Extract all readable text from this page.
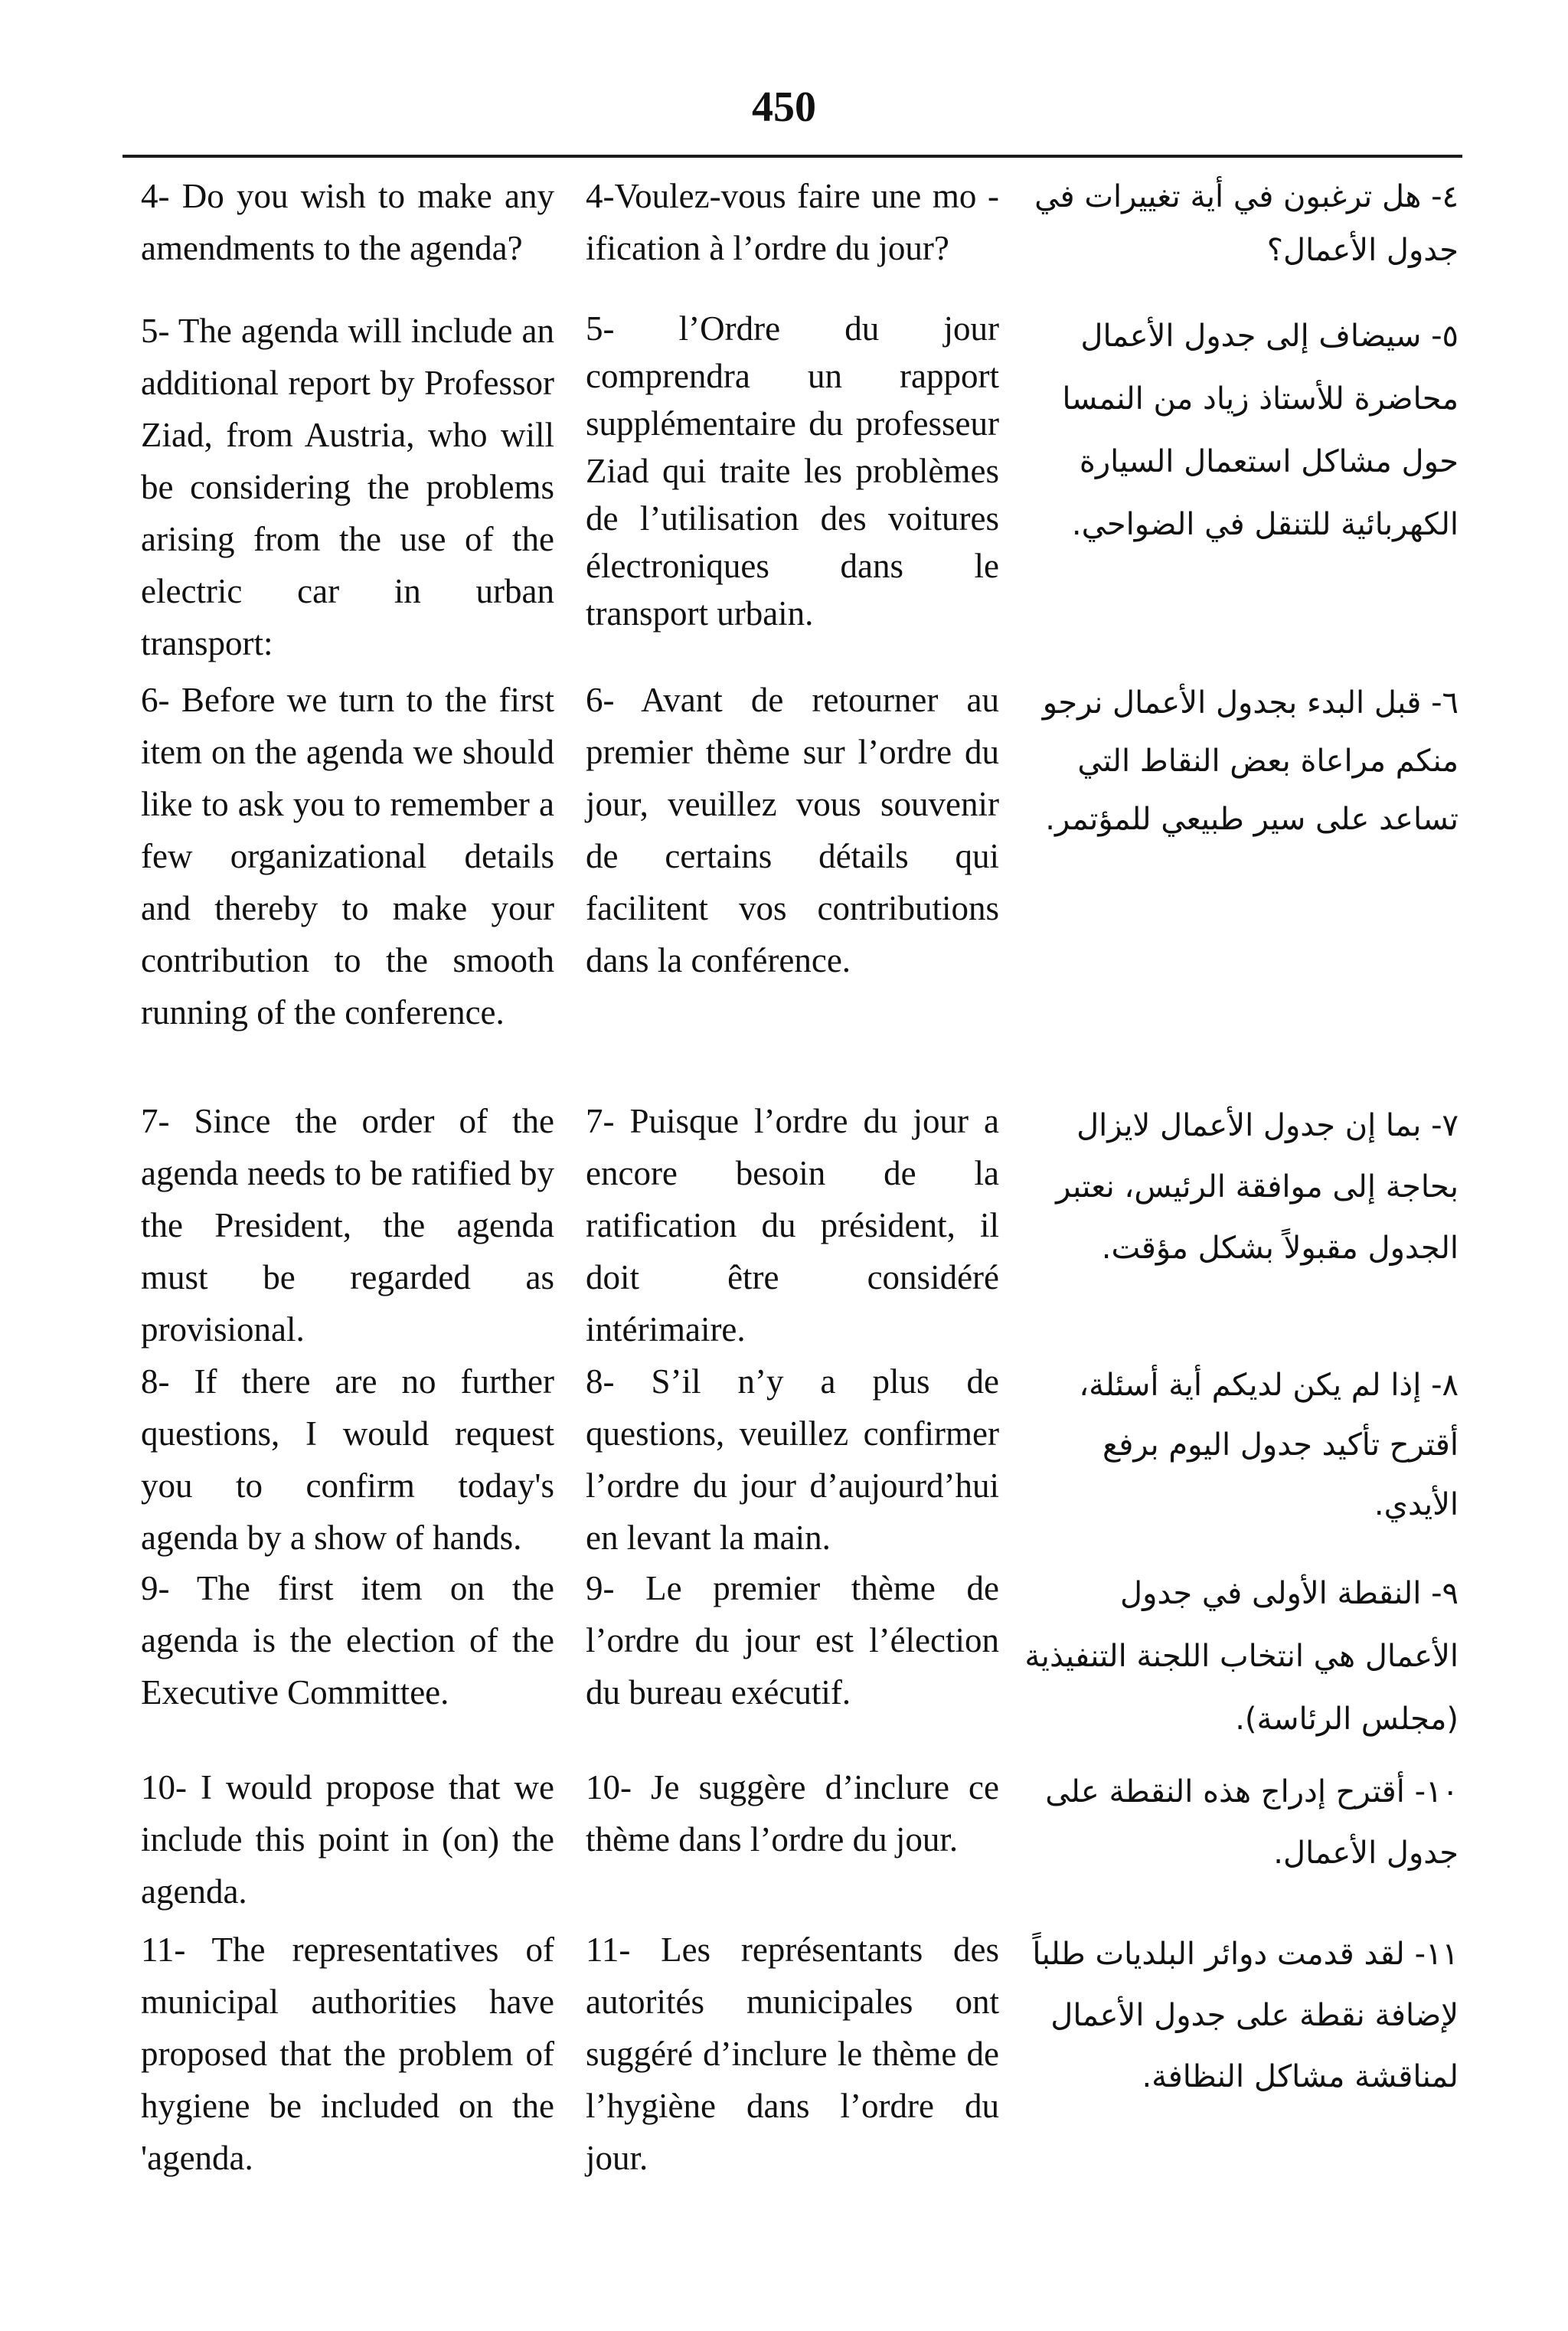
450
4- Do you wish to make any amendments to the agenda?
4-Voulez-vous faire une mo -ification à l’ordre du jour?
٤- هل ترغبون في أية تغييرات في جدول الأعمال؟
5- The agenda will include an additional report by Professor Ziad, from Austria, who will be considering the problems arising from the use of the electric car in urban transport:
5- l’Ordre du jour comprendra un rapport supplémentaire du professeur Ziad qui traite les problèmes de l’utilisation des voitures électroniques dans le transport urbain.
٥- سيضاف إلى جدول الأعمال محاضرة للأستاذ زياد من النمسا حول مشاكل استعمال السيارة الكهربائية للتنقل في الضواحي.
6- Before we turn to the first item on the agenda we should like to ask you to remember a few organizational details and thereby to make your contribution to the smooth running of the conference.
6- Avant de retourner au premier thème sur l’ordre du jour, veuillez vous souvenir de certains détails qui facilitent vos contributions dans la conférence.
٦- قبل البدء بجدول الأعمال نرجو منكم مراعاة بعض النقاط التي تساعد على سير طبيعي للمؤتمر.
7- Since the order of the agenda needs to be ratified by the President, the agenda must be regarded as provisional.
7- Puisque l’ordre du jour a encore besoin de la ratification du président, il doit être considéré intérimaire.
٧- بما إن جدول الأعمال لايزال بحاجة إلى موافقة الرئيس، نعتبر الجدول مقبولاً بشكل مؤقت.
8- If there are no further questions, I would request you to confirm today's agenda by a show of hands.
8- S’il n’y a plus de questions, veuillez confirmer l’ordre du jour d’aujourd’hui en levant la main.
٨- إذا لم يكن لديكم أية أسئلة، أقترح تأكيد جدول اليوم برفع الأيدي.
9- The first item on the agenda is the election of the Executive Committee.
9- Le premier thème de l’ordre du jour est l’élection du bureau exécutif.
٩- النقطة الأولى في جدول الأعمال هي انتخاب اللجنة التنفيذية (مجلس الرئاسة).
10- I would propose that we include this point in (on) the agenda.
10- Je suggère d’inclure ce thème dans l’ordre du jour.
١٠- أقترح إدراج هذه النقطة على جدول الأعمال.
11- The representatives of municipal authorities have proposed that the problem of hygiene be included on the 'agenda.
11- Les représentants des autorités municipales ont suggéré d’inclure le thème de l’hygiène dans l’ordre du jour.
١١- لقد قدمت دوائر البلديات طلباً لإضافة نقطة على جدول الأعمال لمناقشة مشاكل النظافة.
